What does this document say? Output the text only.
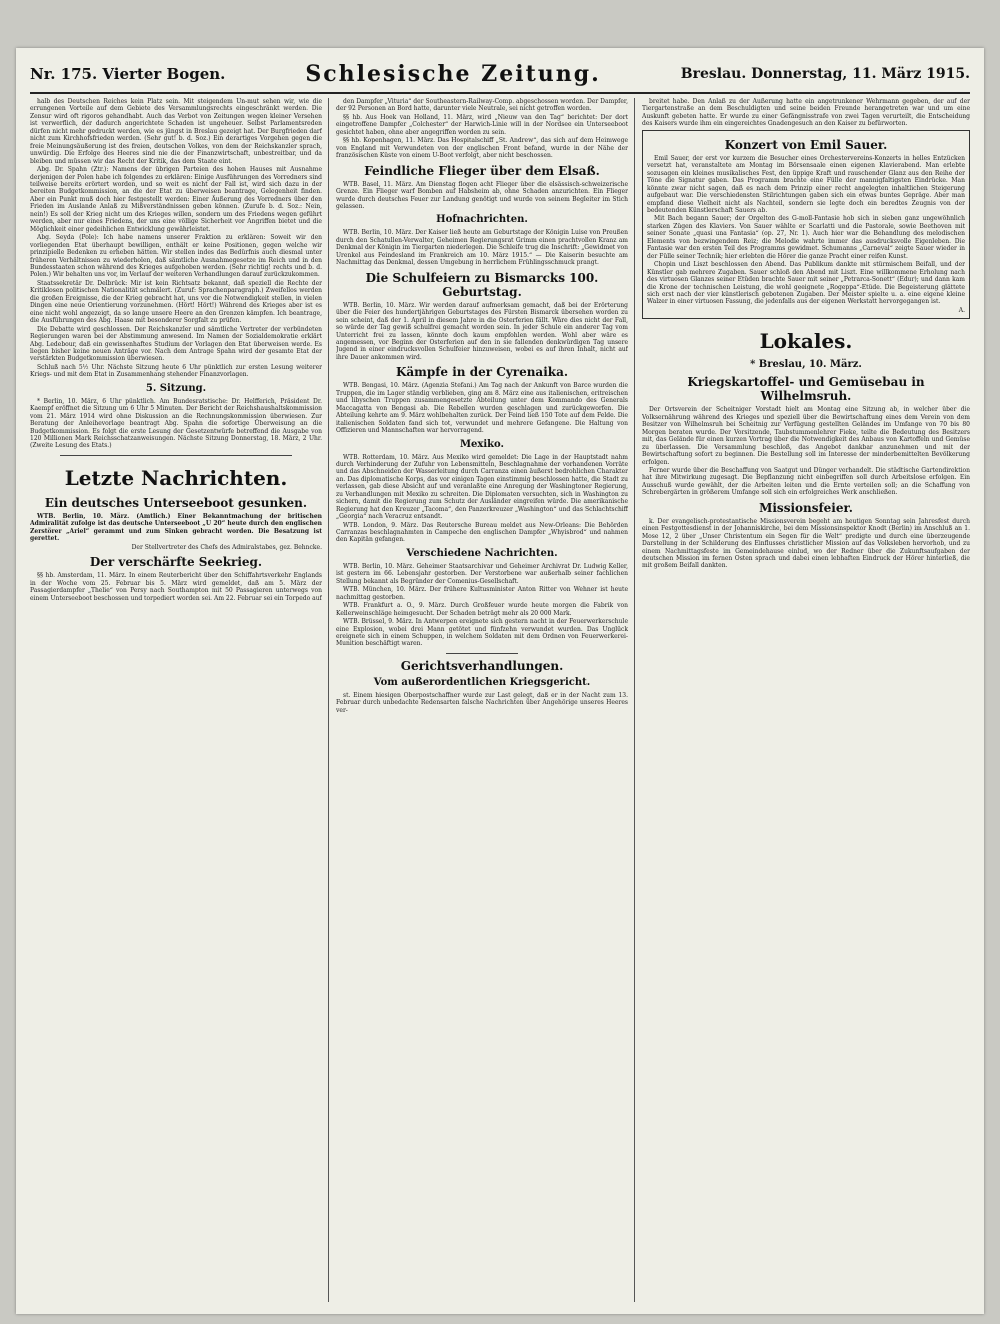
Nr. 175. Vierter Bogen.	Schlesische Zeitung.	Breslau. Donnerstag, 11. März 1915.

halb des Deutschen Reiches kein Platz sein. Mit steigendem Un-mut sehen wir, wie die errungenen Vorteile auf dem Gebiete des Versammlungsrechts eingeschränkt werden. Die Zensur wird oft rigoros gehandhabt. Auch das Verbot von Zeitungen wegen kleiner Versehen ist verwerflich, der dadurch angerichtete Schaden ist ungeheuer. Selbst Parlamentsreden dürfen nicht mehr gedruckt werden, wie es jüngst in Breslau gezeigt hat. Der Burgfrieden darf nicht zum Kirchhofsfrieden werden. (Sehr gut! b. d. Soz.) Ein derartiges Vorgehen gegen die freie Meinungsäußerung ist des freien, deutschen Volkes, von dem der Reichskanzler sprach, unwürdig. Die Erfolge des Heeres sind nie die der Finanzwirtschaft, unbestreitbar, und da bleiben und müssen wir das Recht der Kritik, das dem Staate eint.

Abg. Dr. Spahn (Ztr.): Namens der übrigen Parteien des hohen Hauses mit Ausnahme derjenigen der Polen habe ich folgendes zu erklären: Einige Ausführungen des Vorredners sind teilweise bereits erörtert worden, und so weit es nicht der Fall ist, wird sich dazu in der bereiten Budgetkommission, an die der Etat zu überweisen beantrage, Gelegenheit finden. Aber ein Punkt muß doch hier festgestellt werden: Einer Äußerung des Vorredners über den Frieden im Auslande Anlaß zu Mißverständnissen geben können. (Zurufe b. d. Soz.: Nein, nein!) Es soll der Krieg nicht um des Krieges willen, sondern um des Friedens wegen geführt werden, aber nur eines Friedens, der uns eine völlige Sicherheit vor Angriffen bietet und die Möglichkeit einer gedeihlichen Entwicklung gewährleistet.

Abg. Seyda (Pole): Ich habe namens unserer Fraktion zu erklären: Soweit wir den vorliegenden Etat überhaupt bewilligen, enthält er keine Positionen, gegen welche wir prinzipielle Bedenken zu erheben hätten. Wir stellen indes das Bedürfnis auch diesmal unter früheren Verhältnissen zu wiederholen, daß sämtliche Ausnahmegesetze im Reich und in den Bundesstaaten schon während des Krieges aufgehoben werden. (Sehr richtig! rechts und b. d. Polen.) Wir behalten uns vor, im Verlauf der weiteren Verhandlungen darauf zurückzukommen.

Staatssekretär Dr. Delbrück: Mir ist kein Richtsatz bekannt, daß speziell die Rechte der Kritiklosen politischen Nationalität schmälert. (Zuruf: Sprachenparagraph.) Zweifellos werden die großen Ereignisse, die der Krieg gebracht hat, uns vor die Notwendigkeit stellen, in vielen Dingen eine neue Orientierung vorzunehmen. (Hört! Hört!) Während des Krieges aber ist es eine nicht wohl angezeigt, da so lange unsere Heere an den Grenzen kämpfen. Ich beantrage, die Ausführungen des Abg. Haase mit besonderer Sorgfalt zu prüfen.

Die Debatte wird geschlossen. Der Reichskanzler und sämtliche Vertreter der verbündeten Regierungen waren bei der Abstimmung anwesend. Im Namen der Sozialdemokratie erklärt Abg. Ledebour, daß ein gewissenhaftes Studium der Vorlagen den Etat überweisen werde. Es liegen bisher keine neuen Anträge vor. Nach dem Antrage Spahn wird der gesamte Etat der verstärkten Budgetkommission überwiesen.

Schluß nach 5½ Uhr. Nächste Sitzung heute 6 Uhr pünktlich zur ersten Lesung weiterer Kriegs- und mit dem Etat in Zusammenhang stehender Finanzvorlagen.

5. Sitzung.

* Berlin, 10. März, 6 Uhr pünktlich. Am Bundesratstische: Dr. Helfferich, Präsident Dr. Kaempf eröffnet die Sitzung um 6 Uhr 5 Minuten. Der Bericht der Reichshaushaltskommission vom 21. März 1914 wird ohne Diskussion an die Rechnungskommission überwiesen. Zur Beratung der Anleihevorlage beantragt Abg. Spahn die sofortige Überweisung an die Budgetkommission. Es folgt die erste Lesung der Gesetzentwürfe betreffend die Ausgabe von 120 Millionen Mark Reichsschatzanweisungen. Nächste Sitzung Donnerstag, 18. März, 2 Uhr. (Zweite Lesung des Etats.)

Letzte Nachrichten.
Ein deutsches Unterseeboot gesunken.

WTB. Berlin, 10. März. (Amtlich.) Einer Bekanntmachung der britischen Admiralität zufolge ist das deutsche Unterseeboot „U 20“ heute durch den englischen Zerstörer „Ariel“ gerammt und zum Sinken gebracht worden. Die Besatzung ist gerettet.

Der Stellvertreter des Chefs des Admiralstabes, gez. Behncke.

Der verschärfte Seekrieg.

§§ hb. Amsterdam, 11. März. In einem Reuterbericht über den Schiffahrtsverkehr Englands in der Woche vom 25. Februar bis 5. März wird gemeldet, daß am 5. März der Passagierdampfer „Thelie“ von Persy nach Southampton mit 50 Passagieren unterwegs von einem Unterseeboot beschossen und torpediert worden sei. Am 22. Februar sei ein Torpedo auf

den Dampfer „Vituria“ der Southeastern-Railway-Comp. abgeschossen worden. Der Dampfer, der 92 Personen an Bord hatte, darunter viele Neutrale, sei nicht getroffen worden.

§§ hb. Aus Hoek van Holland, 11. März, wird „Nieuw van den Tag“ berichtet: Der dort eingetroffene Dampfer „Colchester“ der Harwich-Linie will in der Nordsee ein Unterseeboot gesichtet haben, ohne aber angegriffen worden zu sein.

§§ hb. Kopenhagen, 11. März. Das Hospitalschiff „St. Andrew“, das sich auf dem Heimwege von England mit Verwundeten von der englischen Front befand, wurde in der Nähe der französischen Küste von einem U-Boot verfolgt, aber nicht beschossen.

Feindliche Flieger über dem Elsaß.

WTB. Basel, 11. März. Am Dienstag flogen acht Flieger über die elsässisch-schweizerische Grenze. Ein Flieger warf Bomben auf Habsheim ab, ohne Schaden anzurichten. Ein Flieger wurde durch deutsches Feuer zur Landung genötigt und wurde von seinem Begleiter im Stich gelassen.

Hofnachrichten.

WTB. Berlin, 10. März. Der Kaiser ließ heute am Geburtstage der Königin Luise von Preußen durch den Schatullen-Verwalter, Geheimen Regierungsrat Grimm einen prachtvollen Kranz am Denkmal der Königin im Tiergarten niederlegen. Die Schleife trug die Inschrift: „Gewidmet von Urenkel aus Feindesland im Frankreich am 10. März 1915.“ — Die Kaiserin besuchte am Nachmittag das Denkmal, dessen Umgebung in herrlichem Frühlingsschmuck prangt.

Die Schulfeiern zu Bismarcks 100. Geburtstag.

WTB. Berlin, 10. März. Wir werden darauf aufmerksam gemacht, daß bei der Erörterung über die Feier des hundertjährigen Geburtstages des Fürsten Bismarck übersehen worden zu sein scheint, daß der 1. April in diesem Jahre in die Osterferien fällt. Wäre dies nicht der Fall, so würde der Tag gewiß schulfrei gemacht worden sein. In jeder Schule ein anderer Tag vom Unterricht frei zu lassen, könnte doch kaum empfohlen werden. Wohl aber wäre es angemessen, vor Beginn der Osterferien auf den in sie fallenden denkwürdigen Tag unsere Jugend in einer eindrucksvollen Schulfeier hinzuweisen, wobei es auf ihren Inhalt, nicht auf ihre Dauer ankommen wird.

Kämpfe in der Cyrenaika.

WTB. Bengasi, 10. März. (Agenzia Stefani.) Am Tag nach der Ankunft von Barce wurden die Truppen, die im Lager ständig verblieben, ging am 8. März eine aus italienischen, eritreischen und libyschen Truppen zusammengesetzte Abteilung unter dem Kommando des Generals Maccagatta von Bengasi ab. Die Rebellen wurden geschlagen und zurückgeworfen. Die Abteilung kehrte am 9. März wohlbehalten zurück. Der Feind ließ 150 Tote auf dem Felde. Die italienischen Soldaten fand sich tot, verwundet und mehrere Gefangene. Die Haltung von Offizieren und Mannschaften war hervorragend.

Mexiko.

WTB. Rotterdam, 10. März. Aus Mexiko wird gemeldet: Die Lage in der Hauptstadt nahm durch Verhinderung der Zufuhr von Lebensmitteln, Beschlagnahme der vorhandenen Vorräte und das Abschneiden der Wasserleitung durch Carranza einen äußerst bedrohlichen Charakter an. Das diplomatische Korps, das vor einigen Tagen einstimmig beschlossen hatte, die Stadt zu verlassen, gab diese Absicht auf und veranlaßte eine Anregung der Washingtoner Regierung, zu Verhandlungen mit Mexiko zu schreiten. Die Diplomaten versuchten, sich in Washington zu sichern, damit die Regierung zum Schutz der Ausländer eingreifen würde. Die amerikanische Regierung hat den Kreuzer „Tacoma“, den Panzerkreuzer „Washington“ und das Schlachtschiff „Georgia“ nach Veracruz entsandt.

WTB. London, 9. März. Das Reutersche Bureau meldet aus New-Orleans: Die Behörden Carranzas beschlagnahmten in Campeche den englischen Dampfer „Whyisbrod“ und nahmen den Kapitän gefangen.

Verschiedene Nachrichten.

WTB. Berlin, 10. März. Geheimer Staatsarchivar und Geheimer Archivrat Dr. Ludwig Keller, ist gestern im 66. Lebensjahr gestorben. Der Verstorbene war außerhalb seiner fachlichen Stellung bekannt als Begründer der Comenius-Gesellschaft.

WTB. München, 10. März. Der frühere Kultusminister Anton Ritter von Wehner ist heute nachmittag gestorben.

WTB. Frankfurt a. O., 9. März. Durch Großfeuer wurde heute morgen die Fabrik von Kellerweinschläge heimgesucht. Der Schaden beträgt mehr als 20 000 Mark.

WTB. Brüssel, 9. März. In Antwerpen ereignete sich gestern nacht in der Feuerwerkerschule eine Explosion, wobei drei Mann getötet und fünfzehn verwundet wurden. Das Unglück ereignete sich in einem Schuppen, in welchem Soldaten mit dem Ordnen von Feuerwerkerei-Munition beschäftigt waren.

Gerichtsverhandlungen.
Vom außerordentlichen Kriegsgericht.

st. Einem hiesigen Oberpostschaffner wurde zur Last gelegt, daß er in der Nacht zum 13. Februar durch unbedachte Redensarten falsche Nachrichten über Angehörige unseres Heeres ver-

breitet habe. Den Anlaß zu der Äußerung hatte ein angetrunkener Wehrmann gegeben, der auf der Tiergartenstraße an dem Beschuldigten und seine beiden Freunde herangetreten war und um eine Auskunft gebeten hatte. Er wurde zu einer Gefängnisstrafe von zwei Tagen verurteilt, die Entscheidung des Kaisers wurde ihm ein eingereichtes Gnadengesuch an den Kaiser zu befürworten.

Konzert von Emil Sauer.

Emil Sauer, der erst vor kurzem die Besucher eines Orchestervereins-Konzerts in helles Entzücken versetzt hat, veranstaltete am Montag im Börsensaale einen eigenen Klavierabend. Man erlebte sozusagen ein kleines musikalisches Fest, den üppige Kraft und rauschender Glanz aus den Reihe der Töne die Signatur gaben. Das Programm brachte eine Fülle der mannigfaltigsten Eindrücke. Man könnte zwar nicht sagen, daß es nach dem Prinzip einer recht angelegten inhaltlichen Steigerung aufgebaut war. Die verschiedensten Stilrichtungen gaben sich ein etwas buntes Gepräge. Aber man empfand diese Vielheit nicht als Nachteil, sondern sie legte doch ein beredtes Zeugnis von der bedeutenden Künstlerschaft Sauers ab.

Mit Bach begann Sauer; der Orgelton des G-moll-Fantasie hob sich in sieben ganz ungewöhnlich starken Zügen des Klaviers. Von Sauer wählte er Scarlatti und die Pastorale, sowie Beethoven mit seiner Sonate „quasi una Fantasia“ (op. 27, Nr. 1). Auch hier war die Behandlung des melodischen Elements von bezwingendem Reiz; die Melodie wahrte immer das ausdrucksvolle Eigenleben. Die Fantasie war den ersten Teil des Programms gewidmet. Schumanns „Carneval“ zeigte Sauer wieder in der Fülle seiner Technik; hier erlebten die Hörer die ganze Pracht einer reifen Kunst.

Chopin und Liszt beschlossen den Abend. Das Publikum dankte mit stürmischem Beifall, und der Künstler gab mehrere Zugaben. Sauer schloß den Abend mit Liszt. Eine willkommene Erholung nach des virtuosen Glanzes seiner Etüden brachte Sauer mit seiner „Petrarca-Sonett“ (Edur); und dann kam die Krone der technischen Leistung, die wohl geeignete „Rogeppa“-Etüde. Die Begeisterung glättete sich erst nach der vier künstlerisch gebotenen Zugaben. Der Meister spielte u. a. eine eigene kleine Walzer in einer virtuosen Fassung, die jedenfalls aus der eigenen Werkstatt hervorgegangen ist.

A.

Lokales.
* Breslau, 10. März.
Kriegskartoffel- und Gemüsebau in Wilhelmsruh.

Der Ortsverein der Scheitniger Vorstadt hielt am Montag eine Sitzung ab, in welcher über die Volksernährung während des Krieges und speziell über die Bewirtschaftung eines dem Verein von dem Besitzer von Wilhelmsruh bei Scheitnig zur Verfügung gestellten Geländes im Umfange von 70 bis 80 Morgen beraten wurde. Der Vorsitzende, Taubstummenlehrer Fieke, teilte die Bedeutung des Besitzers mit, das Gelände für einen kurzen Vortrag über die Notwendigkeit des Anbaus von Kartoffeln und Gemüse zu überlassen. Die Versammlung beschloß, das Angebot dankbar anzunehmen und mit der Bewirtschaftung sofort zu beginnen. Die Bestellung soll im Interesse der minderbemittelten Bevölkerung erfolgen.

Ferner wurde über die Beschaffung von Saatgut und Dünger verhandelt. Die städtische Gartendirektion hat ihre Mitwirkung zugesagt. Die Bepflanzung nicht einbegriffen soll durch Arbeitslose erfolgen. Ein Ausschuß wurde gewählt, der die Arbeiten leiten und die Ernte verteilen soll; an die Schaffung von Schrebergärten in größerem Umfange soll sich ein erfolgreiches Werk anschließen.

Missionsfeier.

k. Der evangelisch-protestantische Missionsverein begeht am heutigen Sonntag sein Jahresfest durch einen Festgottesdienst in der Johanniskirche, bei dem Missionsinspektor Knodt (Berlin) im Anschluß an 1. Mose 12, 2 über „Unser Christentum ein Segen für die Welt“ predigte und durch eine überzeugende Darstellung in der Schilderung des Einflusses christlicher Mission auf das Volksleben hervorhob, und zu einem Nachmittagsfeste im Gemeindehause einlud, wo der Redner über die Zukunftsaufgaben der deutschen Mission im fernen Osten sprach und dabei einen lebhaften Eindruck der Hörer hinterließ, die mit großem Beifall dankten.
